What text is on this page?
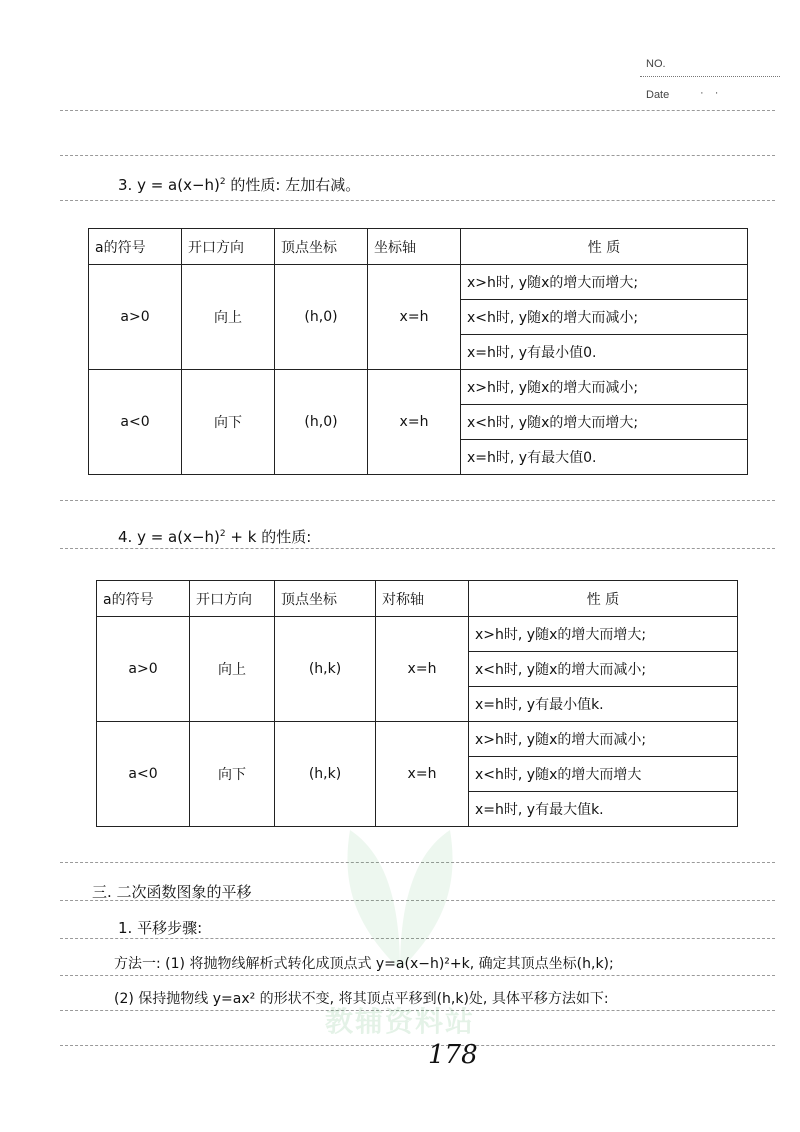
NO.
Date	· ·
教辅资料站
3. $y = a(x-h)^2$ 的性质: 左加右减。
a的符号	开口方向	顶点坐标	坐标轴	性 质
a>0	向上	(h,0)	x=h	x>h时, y随x的增大而增大;
				x<h时, y随x的增大而减小;
				x=h时, y有最小值0.
a<0	向下	(h,0)	x=h	x>h时, y随x的增大而减小;
				x<h时, y随x的增大而增大;
				x=h时, y有最大值0.
4. $y = a(x-h)^2 + k$ 的性质:
a的符号	开口方向	顶点坐标	对称轴	性 质
a>0	向上	(h,k)	x=h	x>h时, y随x的增大而增大;
				x<h时, y随x的增大而减小;
				x=h时, y有最小值k.
a<0	向下	(h,k)	x=h	x>h时, y随x的增大而减小;
				x<h时, y随x的增大而增大
				x=h时, y有最大值k.
三. 二次函数图象的平移
1. 平移步骤:
方法一: (1) 将抛物线解析式转化成顶点式 y=a(x−h)²+k, 确定其顶点坐标(h,k);
(2) 保持抛物线 y=ax² 的形状不变, 将其顶点平移到(h,k)处, 具体平移方法如下:
178
